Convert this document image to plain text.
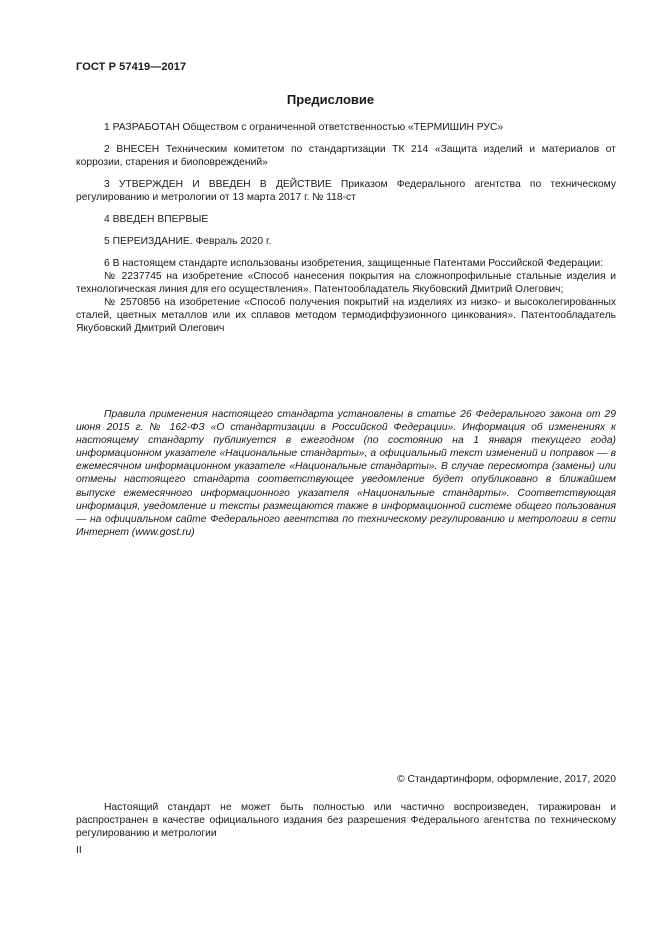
ГОСТ Р 57419—2017
Предисловие

1 РАЗРАБОТАН Обществом с ограниченной ответственностью «ТЕРМИШИН РУС»

2 ВНЕСЕН Техническим комитетом по стандартизации ТК 214 «Защита изделий и материалов от коррозии, старения и биоповреждений»

3 УТВЕРЖДЕН И ВВЕДЕН В ДЕЙСТВИЕ Приказом Федерального агентства по техническому регулированию и метрологии от 13 марта 2017 г. № 118-ст

4 ВВЕДЕН ВПЕРВЫЕ

5 ПЕРЕИЗДАНИЕ. Февраль 2020 г.

6 В настоящем стандарте использованы изобретения, защищенные Патентами Российской Федерации:

№ 2237745 на изобретение «Способ нанесения покрытия на сложнопрофильные стальные изделия и технологическая линия для его осуществления». Патентообладатель Якубовский Дмитрий Олегович;

№ 2570856 на изобретение «Способ получения покрытий на изделиях из низко- и высоколегированных сталей, цветных металлов или их сплавов методом термодиффузионного цинкования». Патентообладатель Якубовский Дмитрий Олегович

Правила применения настоящего стандарта установлены в статье 26 Федерального закона от 29 июня 2015 г. № 162-ФЗ «О стандартизации в Российской Федерации». Информация об изменениях к настоящему стандарту публикуется в ежегодном (по состоянию на 1 января текущего года) информационном указателе «Национальные стандарты», а официальный текст изменений и поправок — в ежемесячном информационном указателе «Национальные стандарты». В случае пересмотра (замены) или отмены настоящего стандарта соответствующее уведомление будет опубликовано в ближайшем выпуске ежемесячного информационного указателя «Национальные стандарты». Соответствующая информация, уведомление и тексты размещаются также в информационной системе общего пользования — на официальном сайте Федерального агентства по техническому регулированию и метрологии в сети Интернет (www.gost.ru)

© Стандартинформ, оформление, 2017, 2020

Настоящий стандарт не может быть полностью или частично воспроизведен, тиражирован и распространен в качестве официального издания без разрешения Федерального агентства по техническому регулированию и метрологии

II
